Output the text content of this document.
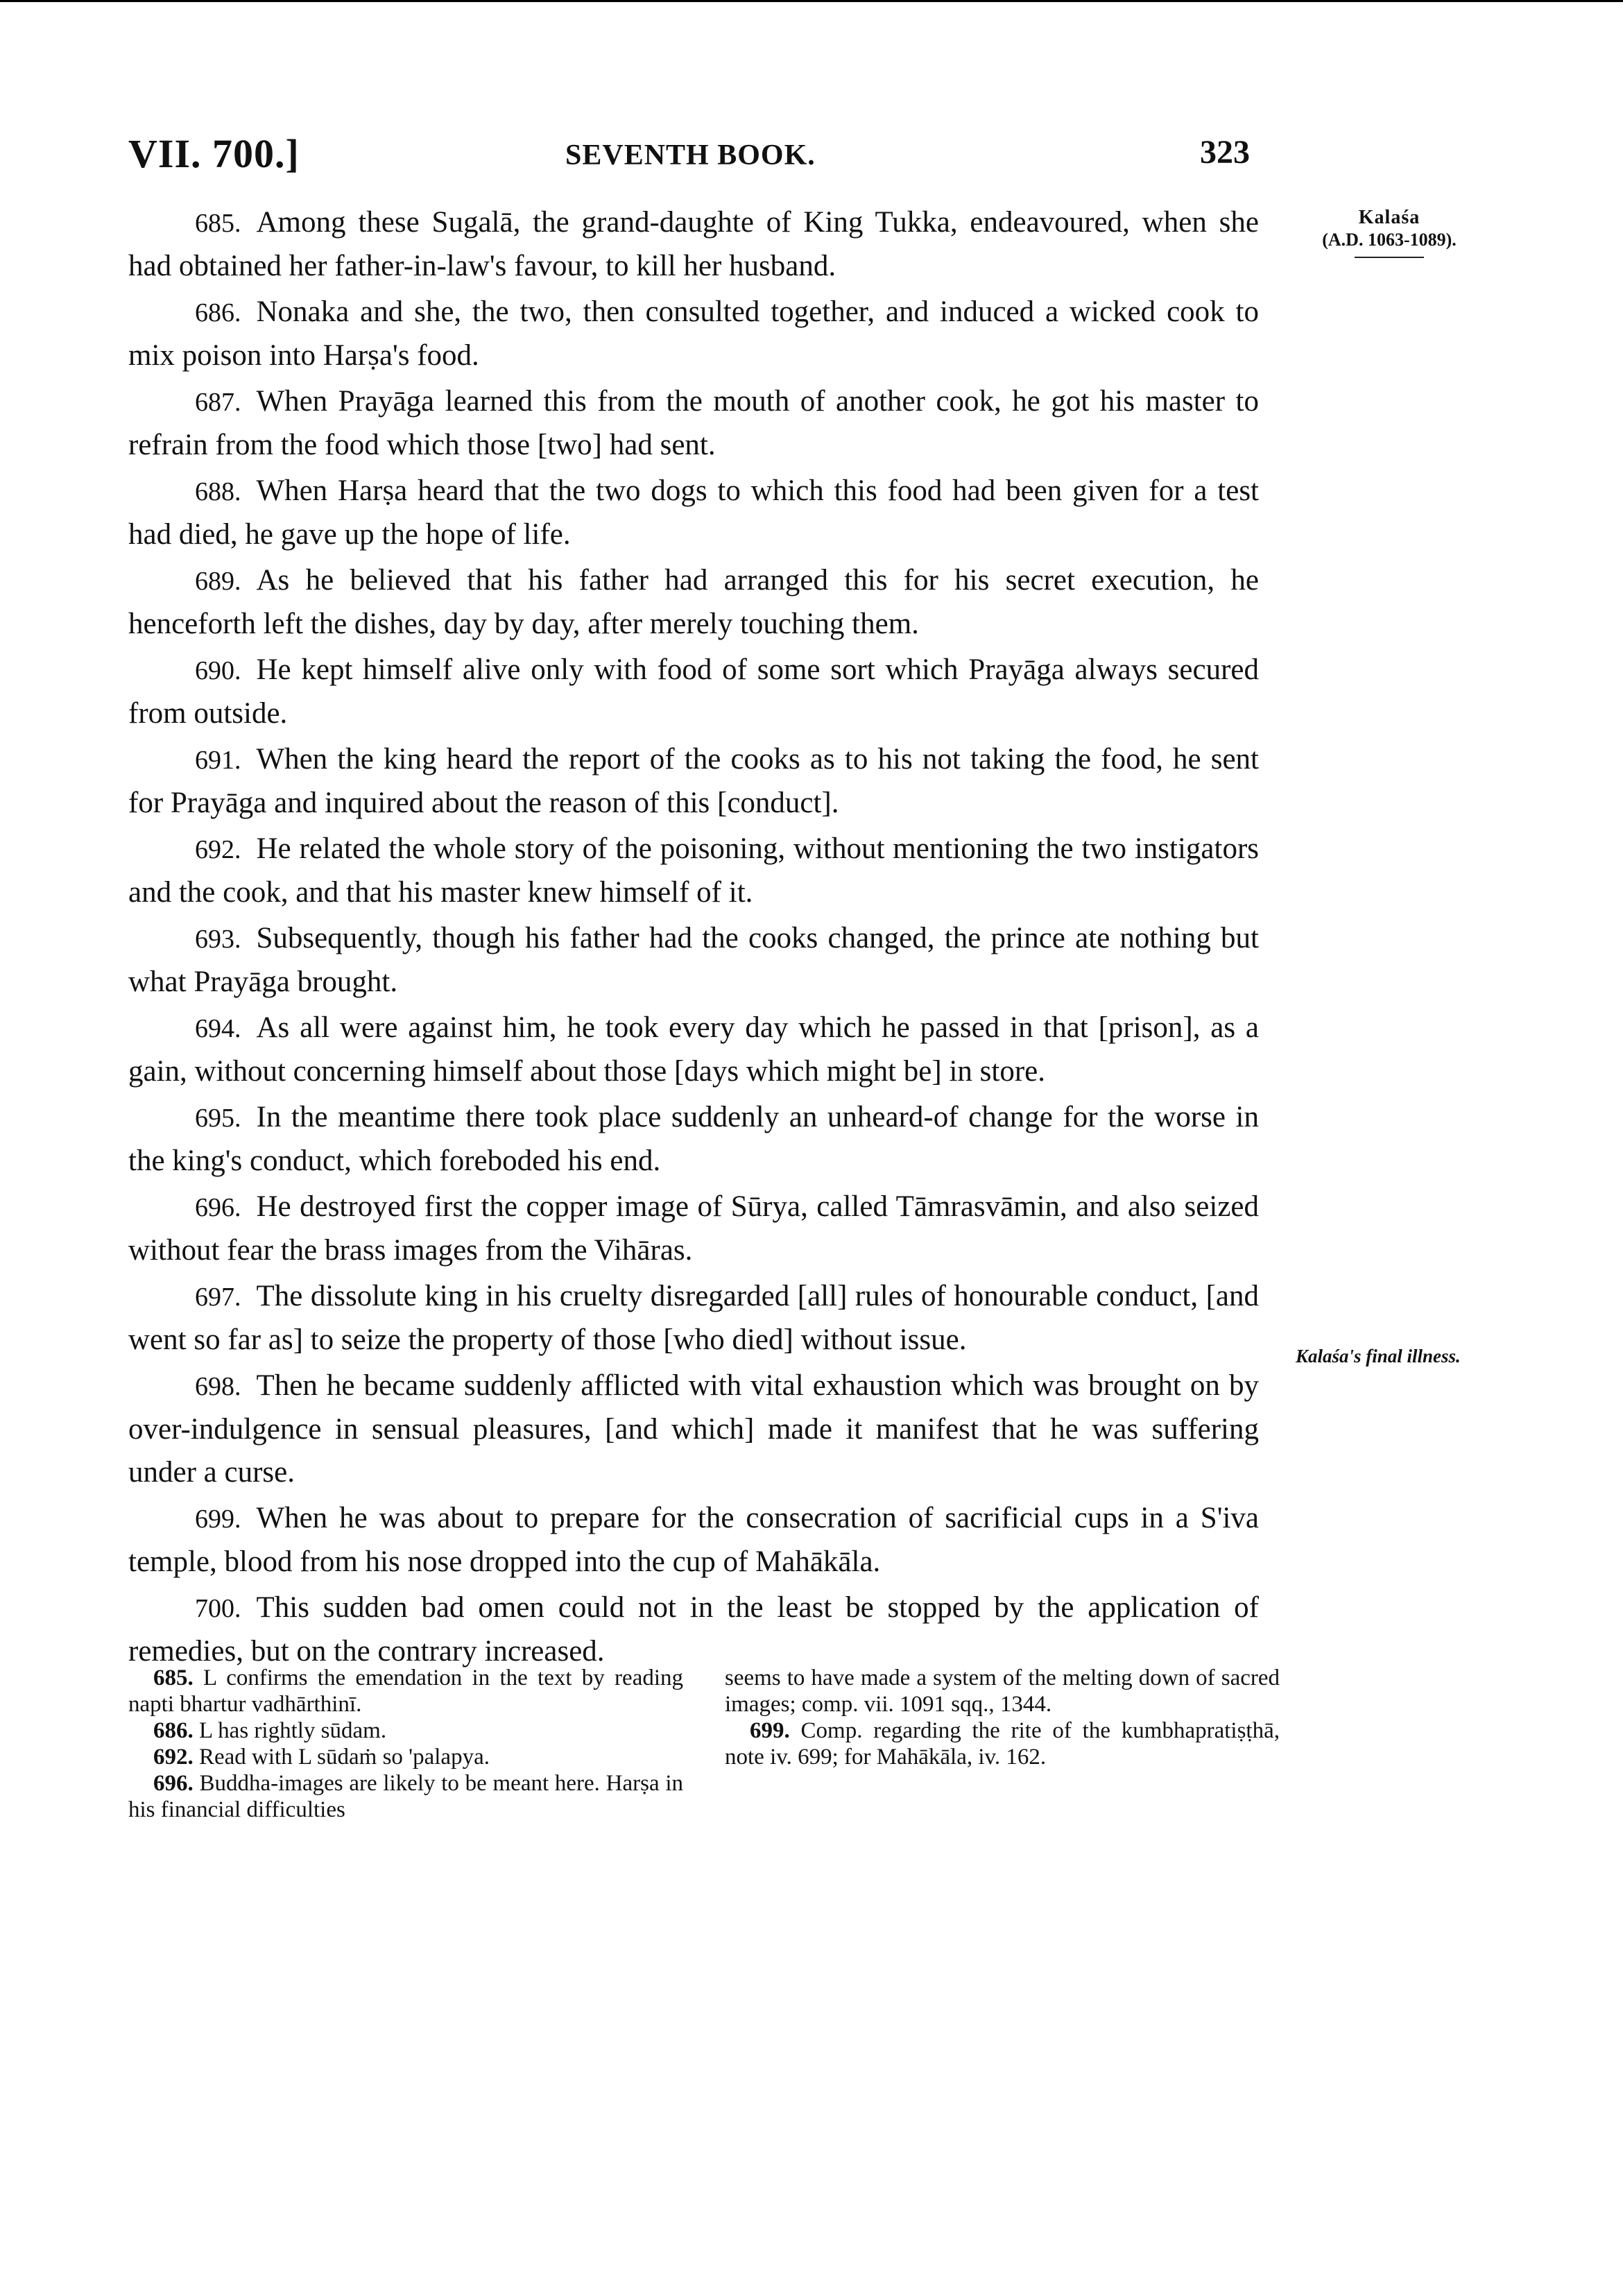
VII. 700.]	SEVENTH BOOK.	323
Kalaśa
(A.D. 1063-1089).
Kalaśa's final illness.

685. Among these Sugalā, the grand-daughte of King Tukka, endeavoured, when she had obtained her father-in-law's favour, to kill her husband.

686. Nonaka and she, the two, then consulted together, and induced a wicked cook to mix poison into Harṣa's food.

687. When Prayāga learned this from the mouth of another cook, he got his master to refrain from the food which those [two] had sent.

688. When Harṣa heard that the two dogs to which this food had been given for a test had died, he gave up the hope of life.

689. As he believed that his father had arranged this for his secret execution, he henceforth left the dishes, day by day, after merely touching them.

690. He kept himself alive only with food of some sort which Prayāga always secured from outside.

691. When the king heard the report of the cooks as to his not taking the food, he sent for Prayāga and inquired about the reason of this [conduct].

692. He related the whole story of the poisoning, without mentioning the two instigators and the cook, and that his master knew himself of it.

693. Subsequently, though his father had the cooks changed, the prince ate nothing but what Prayāga brought.

694. As all were against him, he took every day which he passed in that [prison], as a gain, without concerning himself about those [days which might be] in store.

695. In the meantime there took place suddenly an unheard-of change for the worse in the king's conduct, which foreboded his end.

696. He destroyed first the copper image of Sūrya, called Tāmrasvāmin, and also seized without fear the brass images from the Vihāras.

697. The dissolute king in his cruelty disregarded [all] rules of honourable conduct, [and went so far as] to seize the property of those [who died] without issue.

698. Then he became suddenly afflicted with vital exhaustion which was brought on by over-indulgence in sensual pleasures, [and which] made it manifest that he was suffering under a curse.

699. When he was about to prepare for the consecration of sacrificial cups in a S'iva temple, blood from his nose dropped into the cup of Mahākāla.

700. This sudden bad omen could not in the least be stopped by the application of remedies, but on the contrary increased.

685. L confirms the emendation in the text by reading napti bhartur vadhārthinī.

686. L has rightly sūdam.

692. Read with L sūdaṁ so 'palapya.

696. Buddha-images are likely to be meant here. Harṣa in his financial difficulties

seems to have made a system of the melting down of sacred images; comp. vii. 1091 sqq., 1344.

699. Comp. regarding the rite of the kumbhapratiṣṭhā, note iv. 699; for Mahākāla, iv. 162.
